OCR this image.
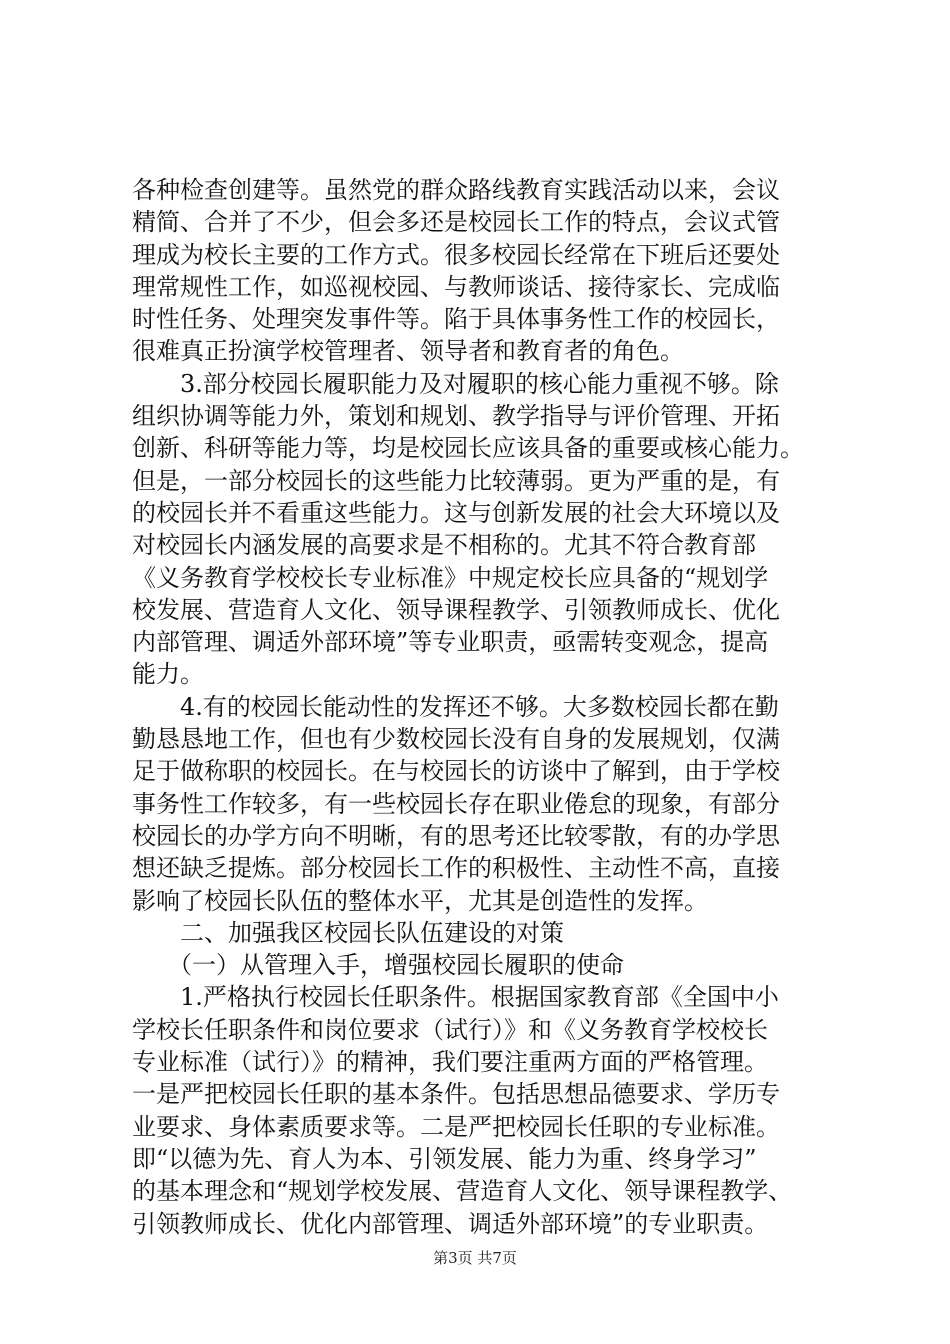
各种检查创建等。虽然党的群众路线教育实践活动以来，会议
精简、合并了不少，但会多还是校园长工作的特点，会议式管
理成为校长主要的工作方式。很多校园长经常在下班后还要处
理常规性工作，如巡视校园、与教师谈话、接待家长、完成临
时性任务、处理突发事件等。陷于具体事务性工作的校园长，
很难真正扮演学校管理者、领导者和教育者的角色。
　　3.部分校园长履职能力及对履职的核心能力重视不够。除
组织协调等能力外，策划和规划、教学指导与评价管理、开拓
创新、科研等能力等，均是校园长应该具备的重要或核心能力。
但是，一部分校园长的这些能力比较薄弱。更为严重的是，有
的校园长并不看重这些能力。这与创新发展的社会大环境以及
对校园长内涵发展的高要求是不相称的。尤其不符合教育部
《义务教育学校校长专业标准》中规定校长应具备的“规划学
校发展、营造育人文化、领导课程教学、引领教师成长、优化
内部管理、调适外部环境”等专业职责，亟需转变观念，提高
能力。
　　4.有的校园长能动性的发挥还不够。大多数校园长都在勤
勤恳恳地工作，但也有少数校园长没有自身的发展规划，仅满
足于做称职的校园长。在与校园长的访谈中了解到，由于学校
事务性工作较多，有一些校园长存在职业倦怠的现象，有部分
校园长的办学方向不明晰，有的思考还比较零散，有的办学思
想还缺乏提炼。部分校园长工作的积极性、主动性不高，直接
影响了校园长队伍的整体水平，尤其是创造性的发挥。
　　二、加强我区校园长队伍建设的对策
　　（一）从管理入手，增强校园长履职的使命
　　1.严格执行校园长任职条件。根据国家教育部《全国中小
学校长任职条件和岗位要求（试行）》和《义务教育学校校长
专业标准（试行）》的精神，我们要注重两方面的严格管理。
一是严把校园长任职的基本条件。包括思想品德要求、学历专
业要求、身体素质要求等。二是严把校园长任职的专业标准。
即“以德为先、育人为本、引领发展、能力为重、终身学习”
的基本理念和“规划学校发展、营造育人文化、领导课程教学、
引领教师成长、优化内部管理、调适外部环境”的专业职责。
第3页 共7页
